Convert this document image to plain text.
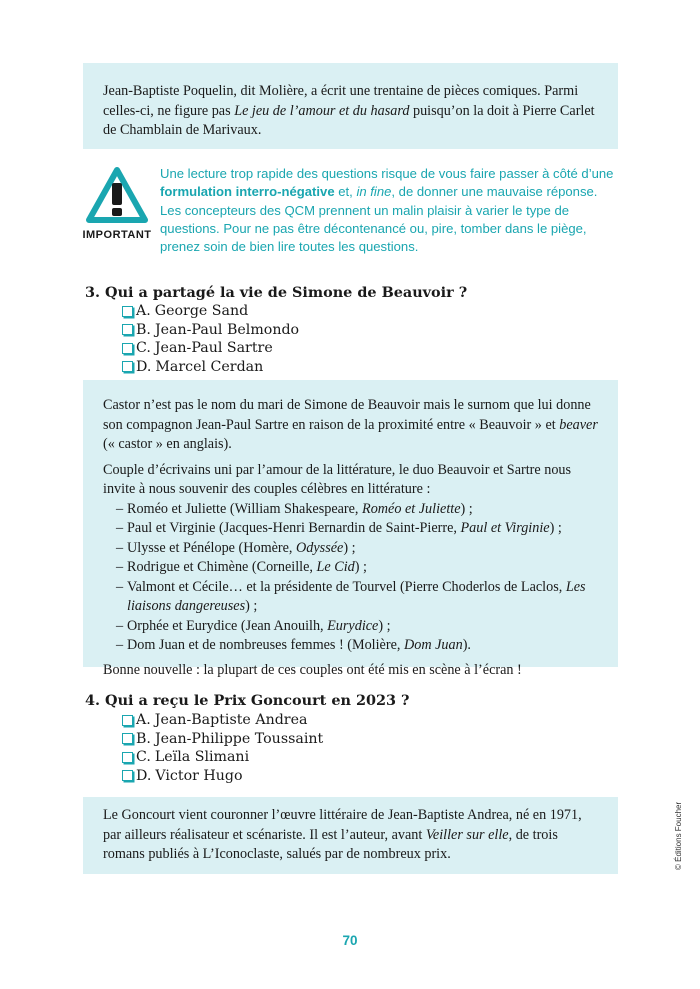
Jean-Baptiste Poquelin, dit Molière, a écrit une trentaine de pièces comiques. Parmi celles-ci, ne figure pas Le jeu de l’amour et du hasard puisqu’on la doit à Pierre Carlet de Chamblain de Marivaux.

IMPORTANT
Une lecture trop rapide des questions risque de vous faire passer à côté d’une formulation interro-négative et, in fine, de donner une mauvaise réponse. Les concepteurs des QCM prennent un malin plaisir à varier le type de questions. Pour ne pas être décontenancé ou, pire, tomber dans le piège, prenez soin de bien lire toutes les questions.
3. Qui a partagé la vie de Simone de Beauvoir ?
A. George Sand
B. Jean-Paul Belmondo
C. Jean-Paul Sartre
D. Marcel Cerdan

Castor n’est pas le nom du mari de Simone de Beauvoir mais le surnom que lui donne son compagnon Jean-Paul Sartre en raison de la proximité entre « Beauvoir » et beaver (« castor » en anglais).

Couple d’écrivains uni par l’amour de la littérature, le duo Beauvoir et Sartre nous invite à nous souvenir des couples célèbres en littérature :

– Roméo et Juliette (William Shakespeare, Roméo et Juliette) ;
– Paul et Virginie (Jacques-Henri Bernardin de Saint-Pierre, Paul et Virginie) ;
– Ulysse et Pénélope (Homère, Odyssée) ;
– Rodrigue et Chimène (Corneille, Le Cid) ;
– Valmont et Cécile… et la présidente de Tourvel (Pierre Choderlos de Laclos, Les liaisons dangereuses) ;
– Orphée et Eurydice (Jean Anouilh, Eurydice) ;
– Dom Juan et de nombreuses femmes ! (Molière, Dom Juan).

Bonne nouvelle : la plupart de ces couples ont été mis en scène à l’écran !

4. Qui a reçu le Prix Goncourt en 2023 ?
A. Jean-Baptiste Andrea
B. Jean-Philippe Toussaint
C. Leïla Slimani
D. Victor Hugo

Le Goncourt vient couronner l’œuvre littéraire de Jean-Baptiste Andrea, né en 1971, par ailleurs réalisateur et scénariste. Il est l’auteur, avant Veiller sur elle, de trois romans publiés à L’Iconoclaste, salués par de nombreux prix.

70
© Éditions Foucher
